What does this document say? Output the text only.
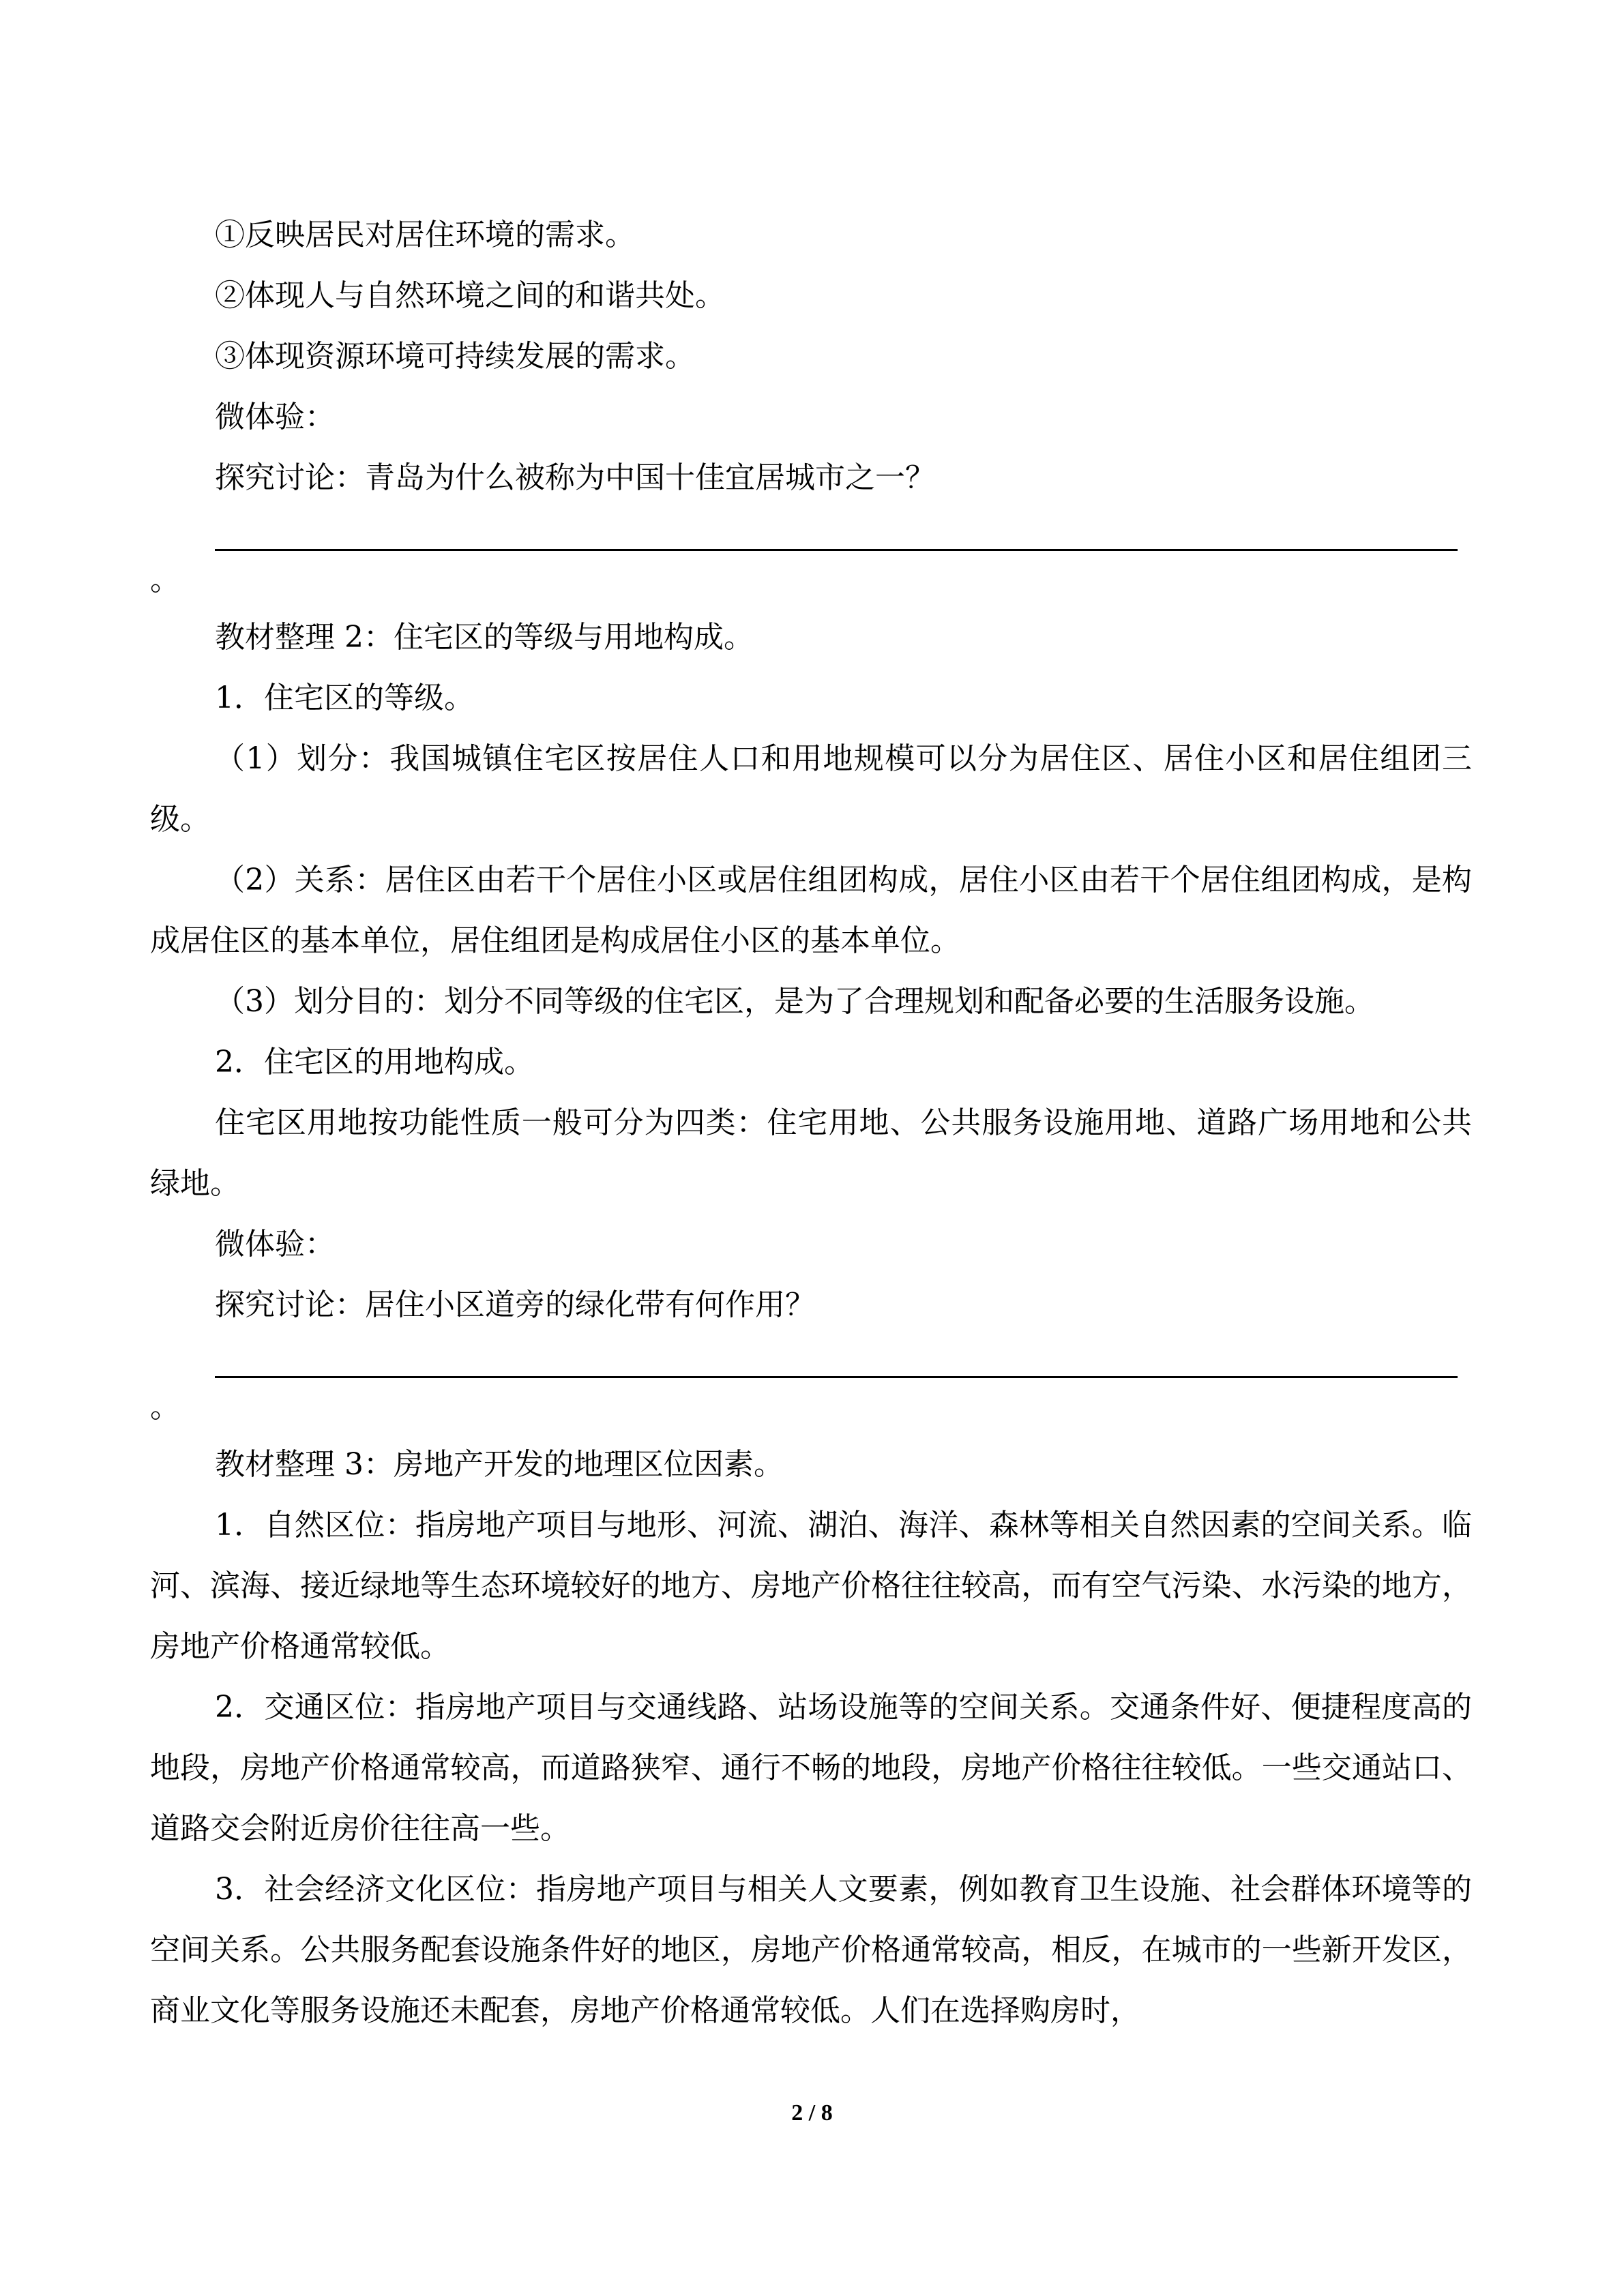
①反映居民对居住环境的需求。

②体现人与自然环境之间的和谐共处。

③体现资源环境可持续发展的需求。

微体验：

探究讨论：青岛为什么被称为中国十佳宜居城市之一？

。

教材整理 2：住宅区的等级与用地构成。

1．住宅区的等级。

（1）划分：我国城镇住宅区按居住人口和用地规模可以分为居住区、居住小区和居住组团三级。

（2）关系：居住区由若干个居住小区或居住组团构成，居住小区由若干个居住组团构成，是构成居住区的基本单位，居住组团是构成居住小区的基本单位。

（3）划分目的：划分不同等级的住宅区，是为了合理规划和配备必要的生活服务设施。

2．住宅区的用地构成。

住宅区用地按功能性质一般可分为四类：住宅用地、公共服务设施用地、道路广场用地和公共绿地。

微体验：

探究讨论：居住小区道旁的绿化带有何作用？

。

教材整理 3：房地产开发的地理区位因素。

1．自然区位：指房地产项目与地形、河流、湖泊、海洋、森林等相关自然因素的空间关系。临河、滨海、接近绿地等生态环境较好的地方、房地产价格往往较高，而有空气污染、水污染的地方，房地产价格通常较低。

2．交通区位：指房地产项目与交通线路、站场设施等的空间关系。交通条件好、便捷程度高的地段，房地产价格通常较高，而道路狭窄、通行不畅的地段，房地产价格往往较低。一些交通站口、道路交会附近房价往往高一些。

3．社会经济文化区位：指房地产项目与相关人文要素，例如教育卫生设施、社会群体环境等的空间关系。公共服务配套设施条件好的地区，房地产价格通常较高，相反，在城市的一些新开发区，商业文化等服务设施还未配套，房地产价格通常较低。人们在选择购房时，

2 / 8
